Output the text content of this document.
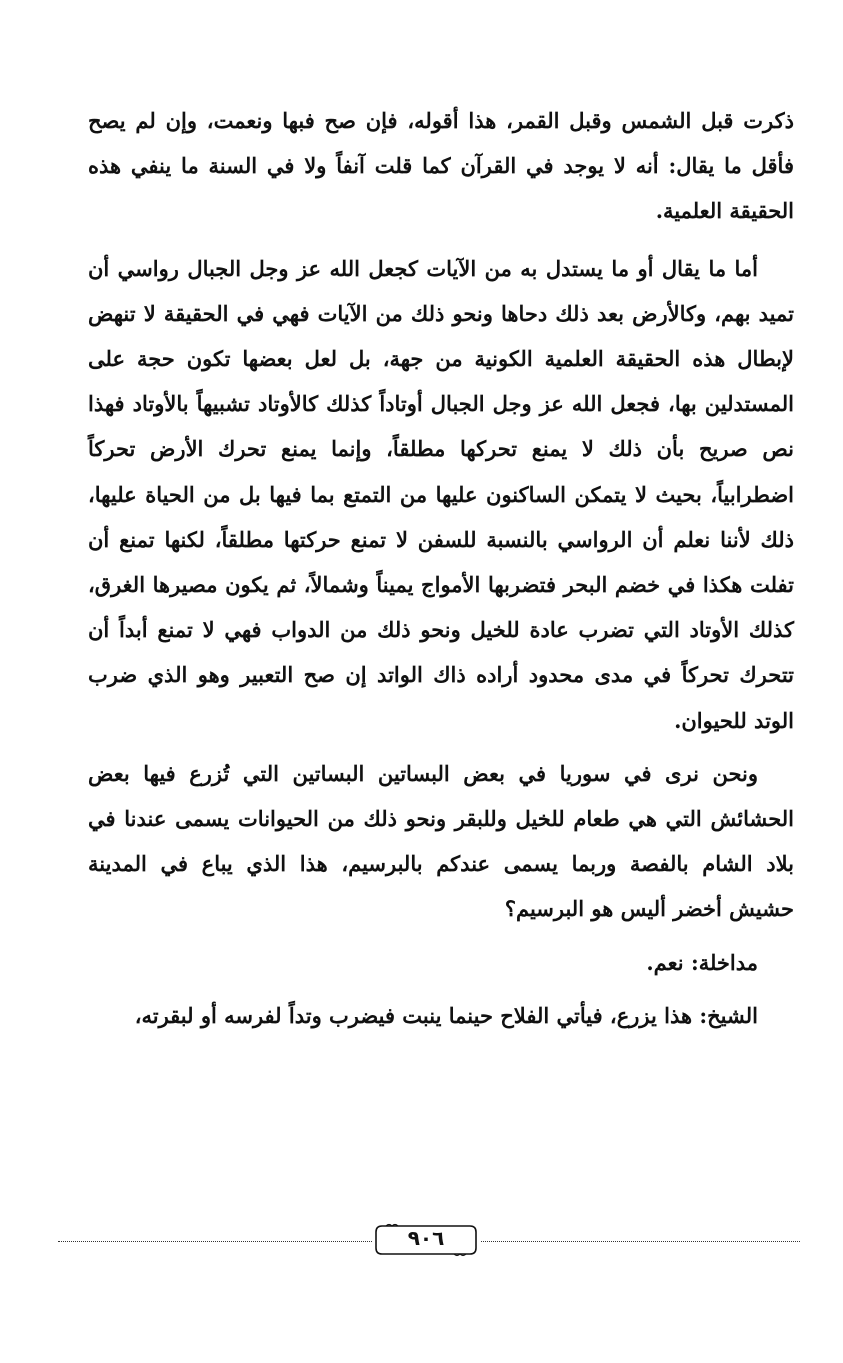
ذكرت قبل الشمس وقبل القمر، هذا أقوله، فإن صح فبها ونعمت، وإن لم يصح فأقل ما يقال: أنه لا يوجد في القرآن كما قلت آنفاً ولا في السنة ما ينفي هذه الحقيقة العلمية.

أما ما يقال أو ما يستدل به من الآيات كجعل الله عز وجل الجبال رواسي أن تميد بهم، وكالأرض بعد ذلك دحاها ونحو ذلك من الآيات فهي في الحقيقة لا تنهض لإبطال هذه الحقيقة العلمية الكونية من جهة، بل لعل بعضها تكون حجة على المستدلين بها، فجعل الله عز وجل الجبال أوتاداً كذلك كالأوتاد تشبيهاً بالأوتاد فهذا نص صريح بأن ذلك لا يمنع تحركها مطلقاً، وإنما يمنع تحرك الأرض تحركاً اضطرابياً، بحيث لا يتمكن الساكنون عليها من التمتع بما فيها بل من الحياة عليها، ذلك لأننا نعلم أن الرواسي بالنسبة للسفن لا تمنع حركتها مطلقاً، لكنها تمنع أن تفلت هكذا في خضم البحر فتضربها الأمواج يميناً وشمالاً، ثم يكون مصيرها الغرق، كذلك الأوتاد التي تضرب عادة للخيل ونحو ذلك من الدواب فهي لا تمنع أبداً أن تتحرك تحركاً في مدى محدود أراده ذاك الواتد إن صح التعبير وهو الذي ضرب الوتد للحيوان.

ونحن نرى في سوريا في بعض البساتين البساتين التي تُزرع فيها بعض الحشائش التي هي طعام للخيل وللبقر ونحو ذلك من الحيوانات يسمى عندنا في بلاد الشام بالفصة وربما يسمى عندكم بالبرسيم، هذا الذي يباع في المدينة حشيش أخضر أليس هو البرسيم؟

مداخلة: نعم.

الشيخ: هذا يزرع، فيأتي الفلاح حينما ينبت فيضرب وتداً لفرسه أو لبقرته،

٩٠٦
